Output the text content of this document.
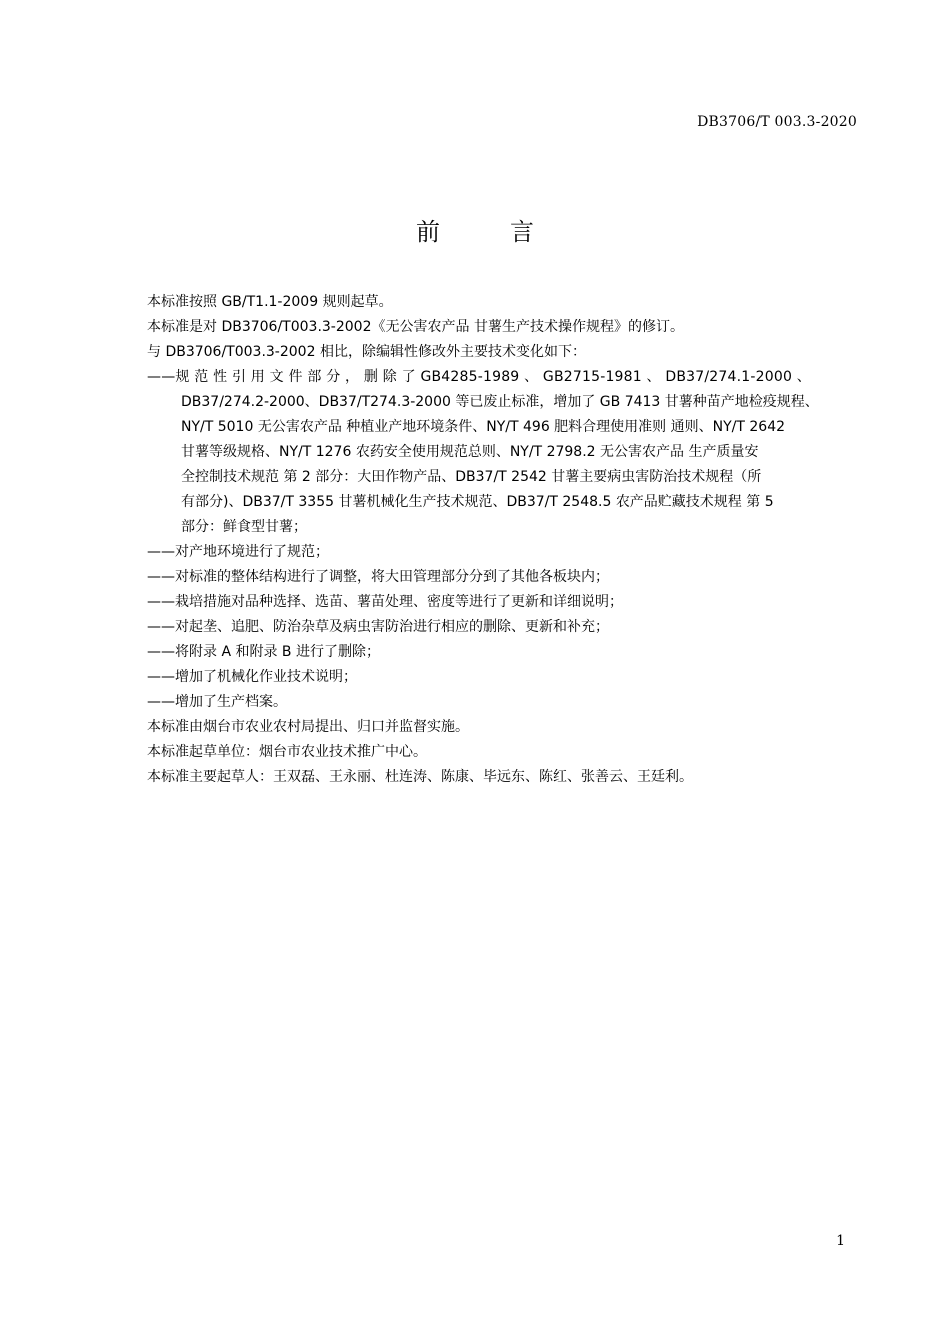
DB3706/T 003.3-2020
前	言
本标准按照 GB/T1.1-2009 规则起草。
本标准是对 DB3706/T003.3-2002《无公害农产品 甘薯生产技术操作规程》的修订。
与 DB3706/T003.3-2002 相比，除编辑性修改外主要技术变化如下：
——规 范 性 引 用 文 件 部 分 ， 删 除 了 GB4285-1989 、 GB2715-1981 、 DB37/274.1-2000 、
DB37/274.2-2000、DB37/T274.3-2000 等已废止标准，增加了 GB 7413 甘薯种苗产地检疫规程、
NY/T 5010 无公害农产品 种植业产地环境条件、NY/T 496 肥料合理使用准则 通则、NY/T 2642
甘薯等级规格、NY/T 1276 农药安全使用规范总则、NY/T 2798.2 无公害农产品 生产质量安
全控制技术规范 第 2 部分：大田作物产品、DB37/T 2542 甘薯主要病虫害防治技术规程（所
有部分)、DB37/T 3355 甘薯机械化生产技术规范、DB37/T 2548.5 农产品贮藏技术规程 第 5
部分：鲜食型甘薯；
——对产地环境进行了规范；
——对标准的整体结构进行了调整，将大田管理部分分到了其他各板块内；
——栽培措施对品种选择、选苗、薯苗处理、密度等进行了更新和详细说明；
——对起垄、追肥、防治杂草及病虫害防治进行相应的删除、更新和补充；
——将附录 A 和附录 B 进行了删除；
——增加了机械化作业技术说明；
——增加了生产档案。
本标准由烟台市农业农村局提出、归口并监督实施。
本标准起草单位：烟台市农业技术推广中心。
本标准主要起草人：王双磊、王永丽、杜连涛、陈康、毕远东、陈红、张善云、王廷利。
1
